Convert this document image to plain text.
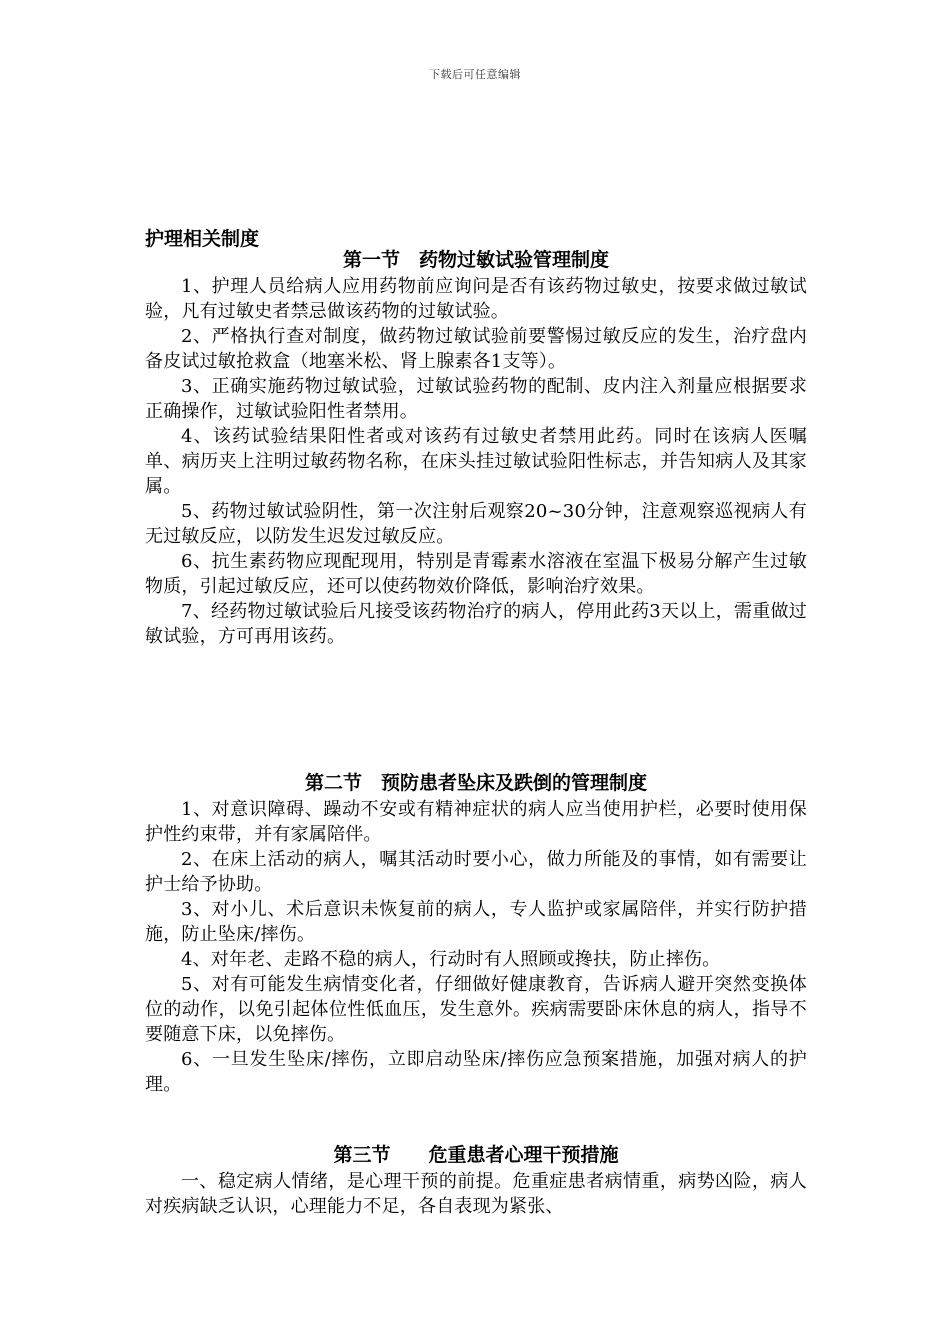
下载后可任意编辑
护理相关制度
第一节　药物过敏试验管理制度

1、护理人员给病人应用药物前应询问是否有该药物过敏史，按要求做过敏试验，凡有过敏史者禁忌做该药物的过敏试验。

2、严格执行查对制度，做药物过敏试验前要警惕过敏反应的发生，治疗盘内备皮试过敏抢救盒（地塞米松、肾上腺素各1支等）。

3、正确实施药物过敏试验，过敏试验药物的配制、皮内注入剂量应根据要求正确操作，过敏试验阳性者禁用。

4、该药试验结果阳性者或对该药有过敏史者禁用此药。同时在该病人医嘱单、病历夹上注明过敏药物名称，在床头挂过敏试验阳性标志，并告知病人及其家属。

5、药物过敏试验阴性，第一次注射后观察20~30分钟，注意观察巡视病人有无过敏反应，以防发生迟发过敏反应。

6、抗生素药物应现配现用，特别是青霉素水溶液在室温下极易分解产生过敏物质，引起过敏反应，还可以使药物效价降低，影响治疗效果。

7、经药物过敏试验后凡接受该药物治疗的病人，停用此药3天以上，需重做过敏试验，方可再用该药。

第二节　预防患者坠床及跌倒的管理制度

1、对意识障碍、躁动不安或有精神症状的病人应当使用护栏，必要时使用保护性约束带，并有家属陪伴。

2、在床上活动的病人，嘱其活动时要小心，做力所能及的事情，如有需要让护士给予协助。

3、对小儿、术后意识未恢复前的病人，专人监护或家属陪伴，并实行防护措施，防止坠床/摔伤。

4、对年老、走路不稳的病人，行动时有人照顾或搀扶，防止摔伤。

5、对有可能发生病情变化者，仔细做好健康教育，告诉病人避开突然变换体位的动作，以免引起体位性低血压，发生意外。疾病需要卧床休息的病人，指导不要随意下床，以免摔伤。

6、一旦发生坠床/摔伤，立即启动坠床/摔伤应急预案措施，加强对病人的护理。

第三节　　危重患者心理干预措施

一、稳定病人情绪，是心理干预的前提。危重症患者病情重，病势凶险，病人对疾病缺乏认识，心理能力不足，各自表现为紧张、
